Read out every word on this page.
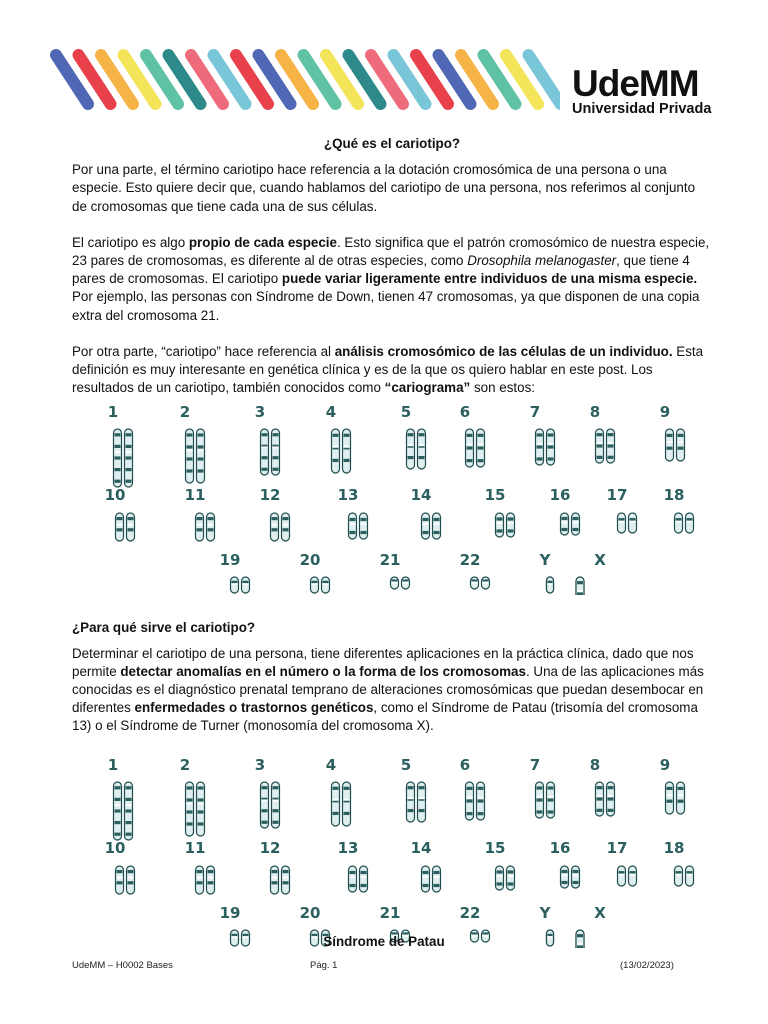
UdeMM
Universidad Privada
¿Qué es el cariotipo?

Por una parte, el término cariotipo hace referencia a la dotación cromosómica de una persona o una especie. Esto quiere decir que, cuando hablamos del cariotipo de una persona, nos referimos al conjunto de cromosomas que tiene cada una de sus células.

El cariotipo es algo propio de cada especie. Esto significa que el patrón cromosómico de nuestra especie, 23 pares de cromosomas, es diferente al de otras especies, como Drosophila melanogaster, que tiene 4 pares de cromosomas. El cariotipo puede variar ligeramente entre individuos de una misma especie. Por ejemplo, las personas con Síndrome de Down, tienen 47 cromosomas, ya que disponen de una copia extra del cromosoma 21.

Por otra parte, “cariotipo” hace referencia al análisis cromosómico de las células de un individuo. Esta definición es muy interesante en genética clínica y es de la que os quiero hablar en este post. Los resultados de un cariotipo, también conocidos como “cariograma” son estos:

1	2	3	4	5	6	7	8	9
10	11	12	13	14	15	16 17 18
19	20	21	22	Y	X
¿Para qué sirve el cariotipo?

Determinar el cariotipo de una persona, tiene diferentes aplicaciones en la práctica clínica, dado que nos permite detectar anomalías en el número o la forma de los cromosomas. Una de las aplicaciones más conocidas es el diagnóstico prenatal temprano de alteraciones cromosómicas que puedan desembocar en diferentes enfermedades o trastornos genéticos, como el Síndrome de Patau (trisomía del cromosoma 13) o el Síndrome de Turner (monosomía del cromosoma X).

1	2	3	4	5	6	7	8	9
10	11	12	13	14	15	16 17 18
19	20	21	22	Y	X
Síndrome de Patau
UdeMM – H0002 Bases	Pág. 1	(13/02/2023)
